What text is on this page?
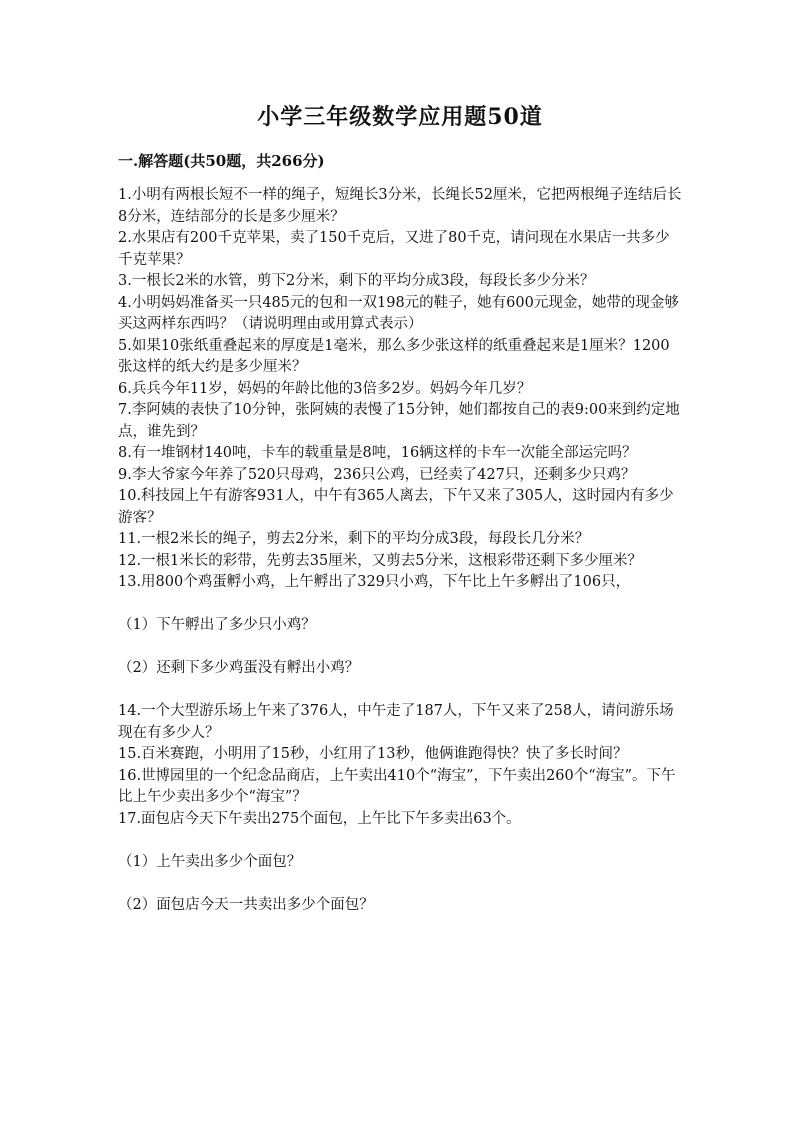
小学三年级数学应用题50道
一.解答题(共50题，共266分)

1.小明有两根长短不一样的绳子，短绳长3分米，长绳长52厘米，它把两根绳子连结后长8分米，连结部分的长是多少厘米？

2.水果店有200千克苹果，卖了150千克后，又进了80千克，请问现在水果店一共多少千克苹果？

3.一根长2米的水管，剪下2分米，剩下的平均分成3段，每段长多少分米？

4.小明妈妈准备买一只485元的包和一双198元的鞋子，她有600元现金，她带的现金够买这两样东西吗？（请说明理由或用算式表示）

5.如果10张纸重叠起来的厚度是1毫米，那么多少张这样的纸重叠起来是1厘米？1200张这样的纸大约是多少厘米？

6.兵兵今年11岁，妈妈的年龄比他的3倍多2岁。妈妈今年几岁？

7.李阿姨的表快了10分钟，张阿姨的表慢了15分钟，她们都按自己的表9:00来到约定地点，谁先到？

8.有一堆钢材140吨，卡车的载重量是8吨，16辆这样的卡车一次能全部运完吗？

9.李大爷家今年养了520只母鸡，236只公鸡，已经卖了427只，还剩多少只鸡？

10.科技园上午有游客931人，中午有365人离去，下午又来了305人，这时园内有多少游客？

11.一根2米长的绳子，剪去2分米，剩下的平均分成3段，每段长几分米？

12.一根1米长的彩带，先剪去35厘米，又剪去5分米，这根彩带还剩下多少厘米？

13.用800个鸡蛋孵小鸡，上午孵出了329只小鸡，下午比上午多孵出了106只，

（1）下午孵出了多少只小鸡？

（2）还剩下多少鸡蛋没有孵出小鸡？

14.一个大型游乐场上午来了376人，中午走了187人，下午又来了258人，请问游乐场现在有多少人？

15.百米赛跑，小明用了15秒，小红用了13秒，他俩谁跑得快？快了多长时间？

16.世博园里的一个纪念品商店，上午卖出410个“海宝”，下午卖出260个“海宝”。下午比上午少卖出多少个“海宝”？

17.面包店今天下午卖出275个面包，上午比下午多卖出63个。

（1）上午卖出多少个面包？

（2）面包店今天一共卖出多少个面包？
